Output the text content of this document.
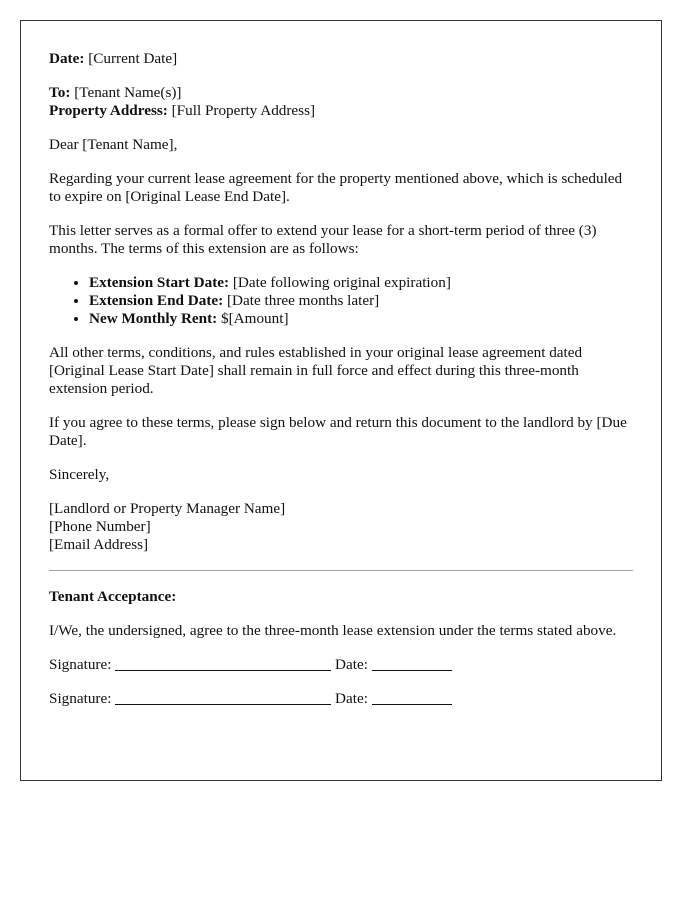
Date: [Current Date]

To: [Tenant Name(s)]

Property Address: [Full Property Address]

Dear [Tenant Name],

Regarding your current lease agreement for the property mentioned above, which is scheduled to expire on [Original Lease End Date].

This letter serves as a formal offer to extend your lease for a short-term period of three (3) months. The terms of this extension are as follows:

• Extension Start Date: [Date following original expiration]
• Extension End Date: [Date three months later]
• New Monthly Rent: $[Amount]

All other terms, conditions, and rules established in your original lease agreement dated [Original Lease Start Date] shall remain in full force and effect during this three-month extension period.

If you agree to these terms, please sign below and return this document to the landlord by [Due Date].

Sincerely,

[Landlord or Property Manager Name]

[Phone Number]

[Email Address]

Tenant Acceptance:

I/We, the undersigned, agree to the three-month lease extension under the terms stated above.

Signature:	Date:

Signature:	Date:
